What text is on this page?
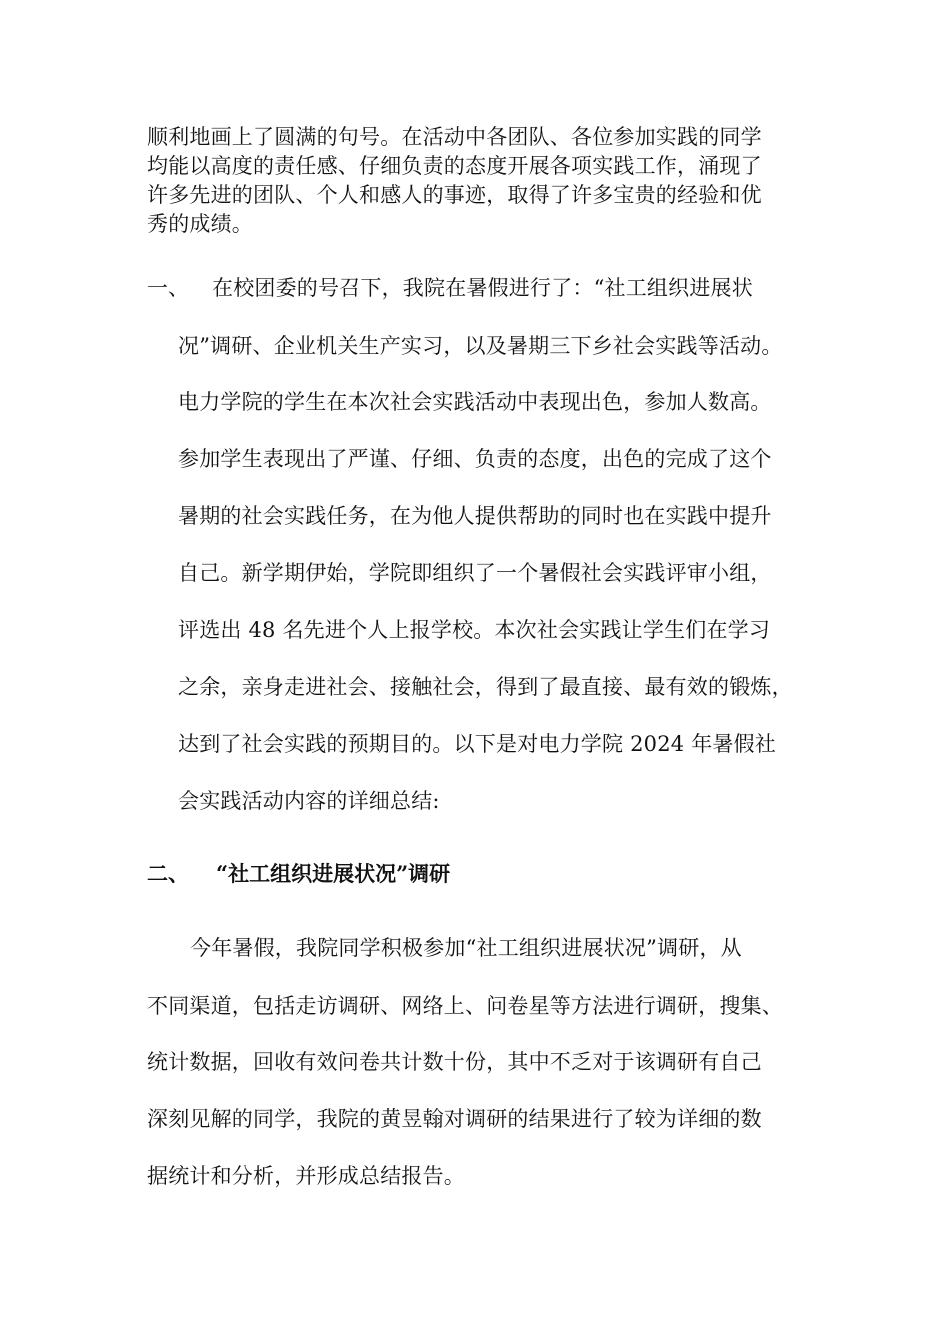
顺利地画上了圆满的句号。在活动中各团队、各位参加实践的同学
均能以高度的责任感、仔细负责的态度开展各项实践工作，涌现了
许多先进的团队、个人和感人的事迹，取得了许多宝贵的经验和优
秀的成绩。
一、 在校团委的号召下，我院在暑假进行了：“社工组织进展状
况”调研、企业机关生产实习，以及暑期三下乡社会实践等活动。
电力学院的学生在本次社会实践活动中表现出色，参加人数高。
参加学生表现出了严谨、仔细、负责的态度，出色的完成了这个
暑期的社会实践任务，在为他人提供帮助的同时也在实践中提升
自己。新学期伊始，学院即组织了一个暑假社会实践评审小组，
评选出 48 名先进个人上报学校。本次社会实践让学生们在学习
之余，亲身走进社会、接触社会，得到了最直接、最有效的锻炼，
达到了社会实践的预期目的。以下是对电力学院 2024 年暑假社
会实践活动内容的详细总结:
二、 “社工组织进展状况”调研
今年暑假，我院同学积极参加“社工组织进展状况”调研，从
不同渠道，包括走访调研、网络上、问卷星等方法进行调研，搜集、
统计数据，回收有效问卷共计数十份，其中不乏对于该调研有自己
深刻见解的同学，我院的黄昱翰对调研的结果进行了较为详细的数
据统计和分析，并形成总结报告。
